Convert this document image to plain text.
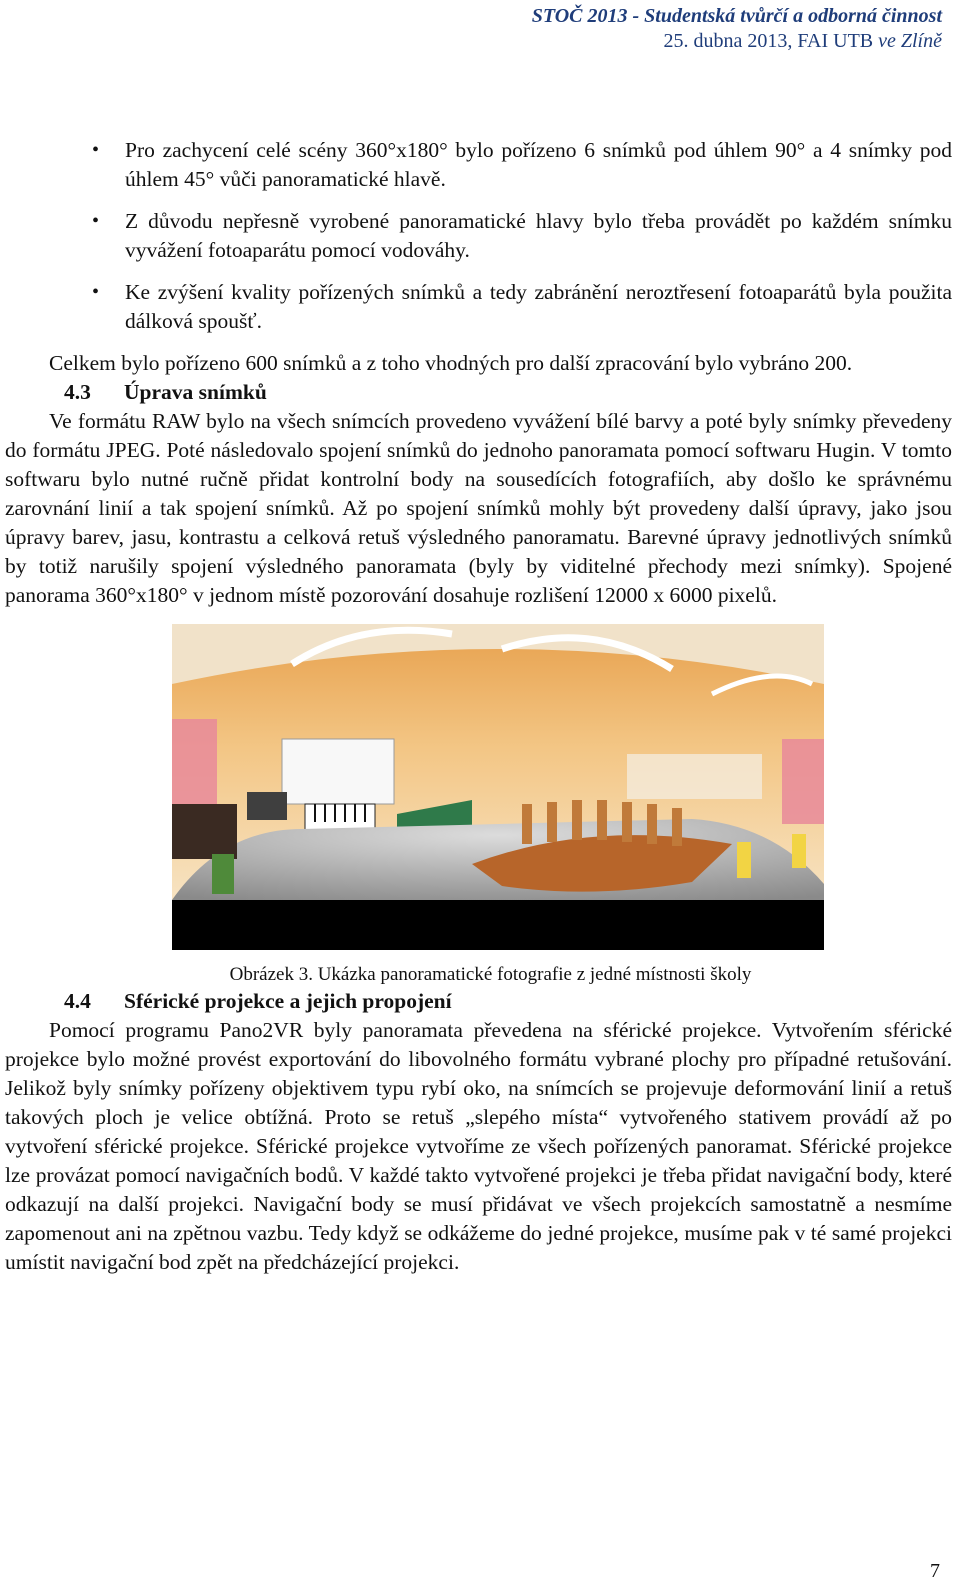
STOČ 2013 - Studentská tvůrčí a odborná činnost
25. dubna 2013, FAI UTB ve Zlíně
• Pro zachycení celé scény 360°x180° bylo pořízeno 6 snímků pod úhlem 90° a 4 snímky pod úhlem 45° vůči panoramatické hlavě.
• Z důvodu nepřesně vyrobené panoramatické hlavy bylo třeba provádět po každém snímku vyvážení fotoaparátu pomocí vodováhy.
• Ke zvýšení kvality pořízených snímků a tedy zabránění neroztřesení fotoaparátů byla použita dálková spoušť.

Celkem bylo pořízeno 600 snímků a z toho vhodných pro další zpracování bylo vybráno 200.

4.3 Úprava snímků

Ve formátu RAW bylo na všech snímcích provedeno vyvážení bílé barvy a poté byly snímky převedeny do formátu JPEG. Poté následovalo spojení snímků do jednoho panoramata pomocí softwaru Hugin. V tomto softwaru bylo nutné ručně přidat kontrolní body na sousedících fotografiích, aby došlo ke správnému zarovnání linií a tak spojení snímků. Až po spojení snímků mohly být provedeny další úpravy, jako jsou úpravy barev, jasu, kontrastu a celková retuš výsledného panoramatu. Barevné úpravy jednotlivých snímků by totiž narušily spojení výsledného panoramata (byly by viditelné přechody mezi snímky). Spojené panorama 360°x180° v jednom místě pozorování dosahuje rozlišení 12000 x 6000 pixelů.

Obrázek 3. Ukázka panoramatické fotografie z jedné místnosti školy
4.4 Sférické projekce a jejich propojení

Pomocí programu Pano2VR byly panoramata převedena na sférické projekce. Vytvořením sférické projekce bylo možné provést exportování do libovolného formátu vybrané plochy pro případné retušování. Jelikož byly snímky pořízeny objektivem typu rybí oko, na snímcích se projevuje deformování linií a retuš takových ploch je velice obtížná. Proto se retuš „slepého místa“ vytvořeného stativem provádí až po vytvoření sférické projekce. Sférické projekce vytvoříme ze všech pořízených panoramat. Sférické projekce lze provázat pomocí navigačních bodů. V každé takto vytvořené projekci je třeba přidat navigační body, které odkazují na další projekci. Navigační body se musí přidávat ve všech projekcích samostatně a nesmíme zapomenout ani na zpětnou vazbu. Tedy když se odkážeme do jedné projekce, musíme pak v té samé projekci umístit navigační bod zpět na předcházející projekci.

7
